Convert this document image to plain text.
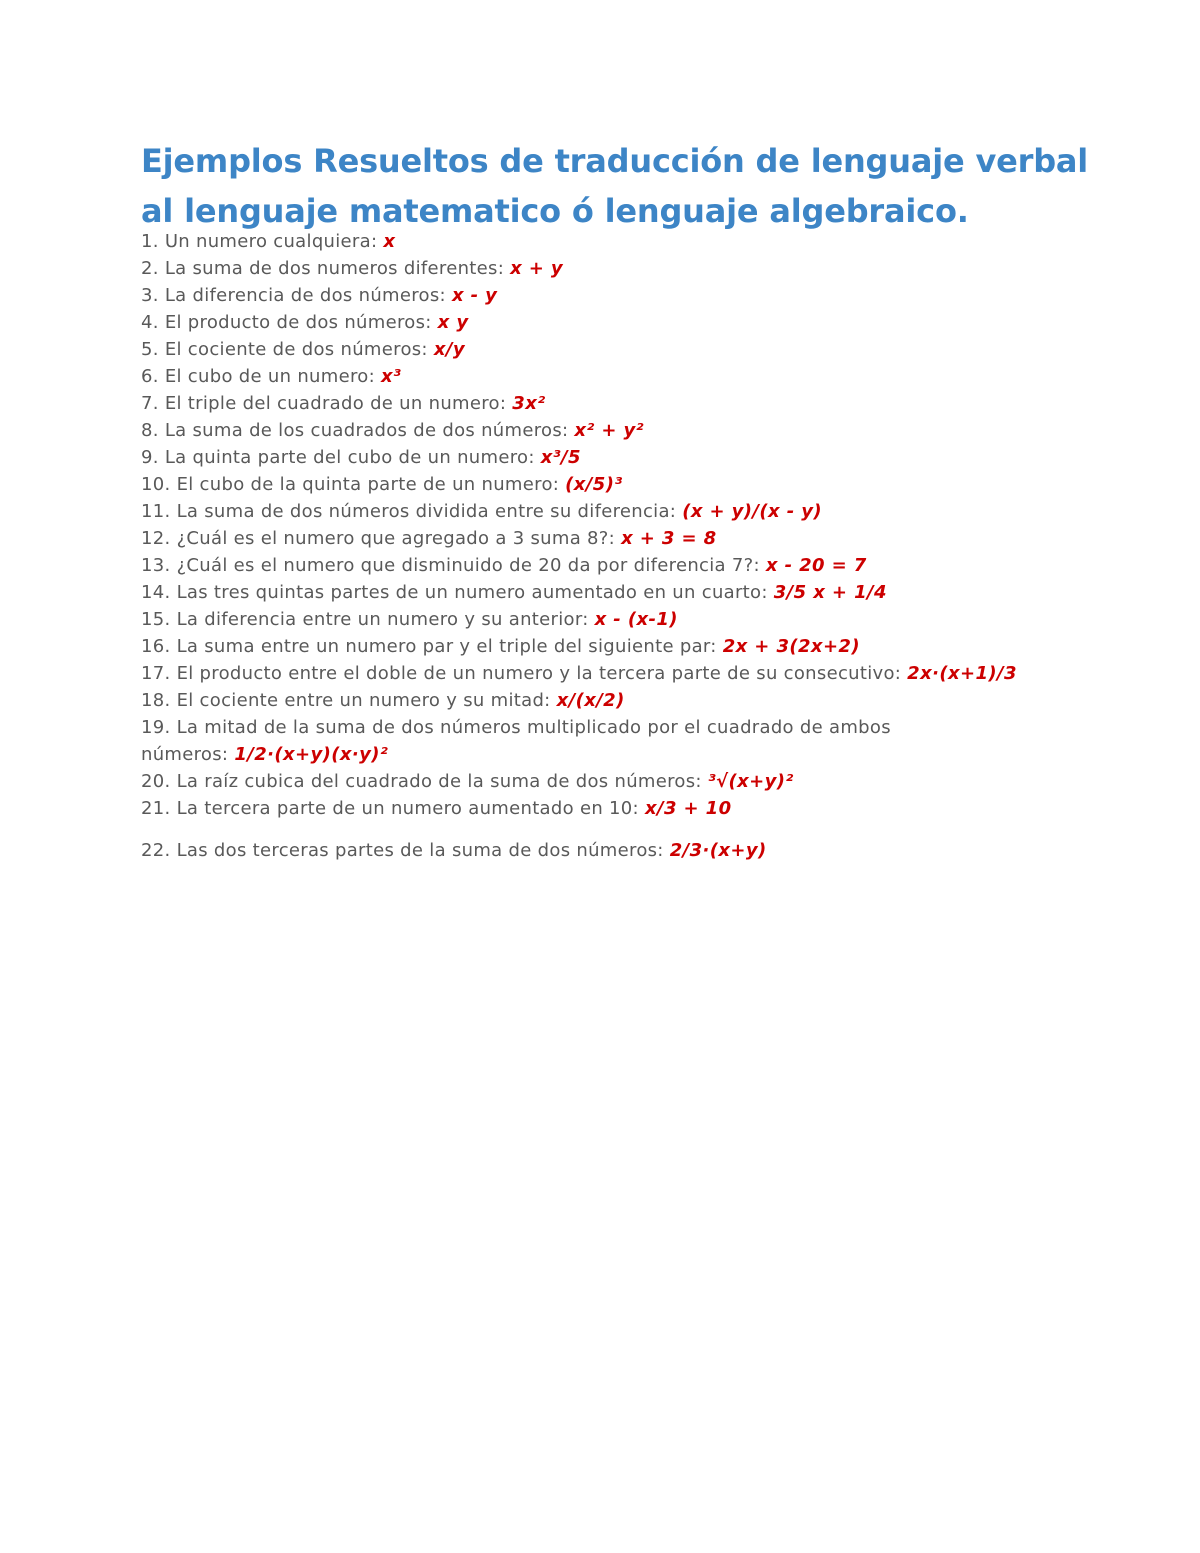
Ejemplos Resueltos de traducción de lenguaje verbal al lenguaje matematico ó lenguaje algebraico.
1. Un numero cualquiera: x
2. La suma de dos numeros diferentes: x + y
3. La diferencia de dos números: x - y
4. El producto de dos números: x y
5. El cociente de dos números: x/y
6. El cubo de un numero: x³
7. El triple del cuadrado de un numero: 3x²
8. La suma de los cuadrados de dos números: x² + y²
9. La quinta parte del cubo de un numero: x³/5
10. El cubo de la quinta parte de un numero: (x/5)³
11. La suma de dos números dividida entre su diferencia: (x + y)/(x - y)
12. ¿Cuál es el numero que agregado a 3 suma 8?: x + 3 = 8
13. ¿Cuál es el numero que disminuido de 20 da por diferencia 7?: x - 20 = 7
14. Las tres quintas partes de un numero aumentado en un cuarto: 3/5 x + 1/4
15. La diferencia entre un numero y su anterior: x - (x-1)
16. La suma entre un numero par y el triple del siguiente par: 2x + 3(2x+2)
17. El producto entre el doble de un numero y la tercera parte de su consecutivo: 2x·(x+1)/3
18. El cociente entre un numero y su mitad: x/(x/2)
19. La mitad de la suma de dos números multiplicado por el cuadrado de ambos
números: 1/2·(x+y)(x·y)²
20. La raíz cubica del cuadrado de la suma de dos números: ³√(x+y)²
21. La tercera parte de un numero aumentado en 10: x/3 + 10
22. Las dos terceras partes de la suma de dos números: 2/3·(x+y)
